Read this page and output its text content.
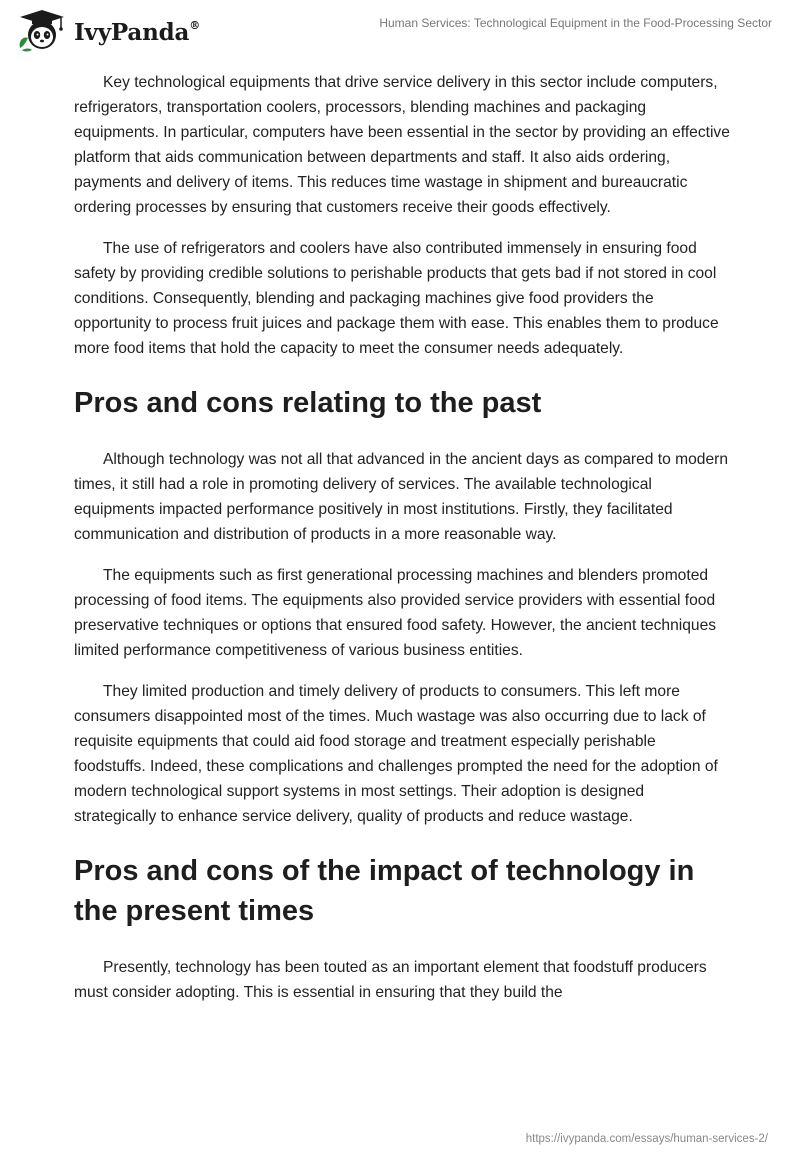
IvyPanda®	Human Services: Technological Equipment in the Food-Processing Sector

Key technological equipments that drive service delivery in this sector include computers, refrigerators, transportation coolers, processors, blending machines and packaging equipments. In particular, computers have been essential in the sector by providing an effective platform that aids communication between departments and staff. It also aids ordering, payments and delivery of items. This reduces time wastage in shipment and bureaucratic ordering processes by ensuring that customers receive their goods effectively.

The use of refrigerators and coolers have also contributed immensely in ensuring food safety by providing credible solutions to perishable products that gets bad if not stored in cool conditions. Consequently, blending and packaging machines give food providers the opportunity to process fruit juices and package them with ease. This enables them to produce more food items that hold the capacity to meet the consumer needs adequately.

Pros and cons relating to the past

Although technology was not all that advanced in the ancient days as compared to modern times, it still had a role in promoting delivery of services. The available technological equipments impacted performance positively in most institutions. Firstly, they facilitated communication and distribution of products in a more reasonable way.

The equipments such as first generational processing machines and blenders promoted processing of food items. The equipments also provided service providers with essential food preservative techniques or options that ensured food safety. However, the ancient techniques limited performance competitiveness of various business entities.

They limited production and timely delivery of products to consumers. This left more consumers disappointed most of the times. Much wastage was also occurring due to lack of requisite equipments that could aid food storage and treatment especially perishable foodstuffs. Indeed, these complications and challenges prompted the need for the adoption of modern technological support systems in most settings. Their adoption is designed strategically to enhance service delivery, quality of products and reduce wastage.

Pros and cons of the impact of technology in the present times

Presently, technology has been touted as an important element that foodstuff producers must consider adopting. This is essential in ensuring that they build the

https://ivypanda.com/essays/human-services-2/
